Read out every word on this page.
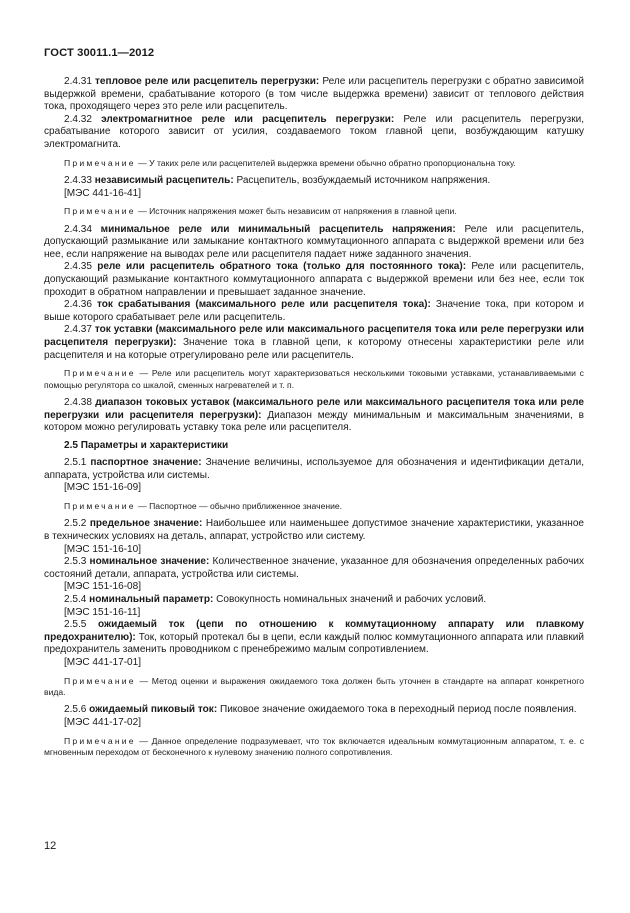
ГОСТ 30011.1—2012

2.4.31 тепловое реле или расцепитель перегрузки: Реле или расцепитель перегрузки с обратно зависимой выдержкой времени, срабатывание которого (в том числе выдержка времени) зависит от теплового действия тока, проходящего через это реле или расцепитель.

2.4.32 электромагнитное реле или расцепитель перегрузки: Реле или расцепитель перегрузки, срабатывание которого зависит от усилия, создаваемого током главной цепи, возбуждающим катушку электромагнита.

Примечание — У таких реле или расцепителей выдержка времени обычно обратно пропорциональна току.

2.4.33 независимый расцепитель: Расцепитель, возбуждаемый источником напряжения.

[МЭС 441-16-41]

Примечание — Источник напряжения может быть независим от напряжения в главной цепи.

2.4.34 минимальное реле или минимальный расцепитель напряжения: Реле или расцепитель, допускающий размыкание или замыкание контактного коммутационного аппарата с выдержкой времени или без нее, если напряжение на выводах реле или расцепителя падает ниже заданного значения.

2.4.35 реле или расцепитель обратного тока (только для постоянного тока): Реле или расцепитель, допускающий размыкание контактного коммутационного аппарата с выдержкой времени или без нее, если ток проходит в обратном направлении и превышает заданное значение.

2.4.36 ток срабатывания (максимального реле или расцепителя тока): Значение тока, при котором и выше которого срабатывает реле или расцепитель.

2.4.37 ток уставки (максимального реле или максимального расцепителя тока или реле перегрузки или расцепителя перегрузки): Значение тока в главной цепи, к которому отнесены характеристики реле или расцепителя и на которые отрегулировано реле или расцепитель.

Примечание — Реле или расцепитель могут характеризоваться несколькими токовыми уставками, устанавливаемыми с помощью регулятора со шкалой, сменных нагревателей и т. п.

2.4.38 диапазон токовых уставок (максимального реле или максимального расцепителя тока или реле перегрузки или расцепителя перегрузки): Диапазон между минимальным и максимальным значениями, в котором можно регулировать уставку тока реле или расцепителя.

2.5 Параметры и характеристики

2.5.1 паспортное значение: Значение величины, используемое для обозначения и идентификации детали, аппарата, устройства или системы.

[МЭС 151-16-09]

Примечание — Паспортное — обычно приближенное значение.

2.5.2 предельное значение: Наибольшее или наименьшее допустимое значение характеристики, указанное в технических условиях на деталь, аппарат, устройство или систему.

[МЭС 151-16-10]

2.5.3 номинальное значение: Количественное значение, указанное для обозначения определенных рабочих состояний детали, аппарата, устройства или системы.

[МЭС 151-16-08]

2.5.4 номинальный параметр: Совокупность номинальных значений и рабочих условий.

[МЭС 151-16-11]

2.5.5 ожидаемый ток (цепи по отношению к коммутационному аппарату или плавкому предохранителю): Ток, который протекал бы в цепи, если каждый полюс коммутационного аппарата или плавкий предохранитель заменить проводником с пренебрежимо малым сопротивлением.

[МЭС 441-17-01]

Примечание — Метод оценки и выражения ожидаемого тока должен быть уточнен в стандарте на аппарат конкретного вида.

2.5.6 ожидаемый пиковый ток: Пиковое значение ожидаемого тока в переходный период после появления.

[МЭС 441-17-02]

Примечание — Данное определение подразумевает, что ток включается идеальным коммутационным аппаратом, т. е. с мгновенным переходом от бесконечного к нулевому значению полного сопротивления.

12
